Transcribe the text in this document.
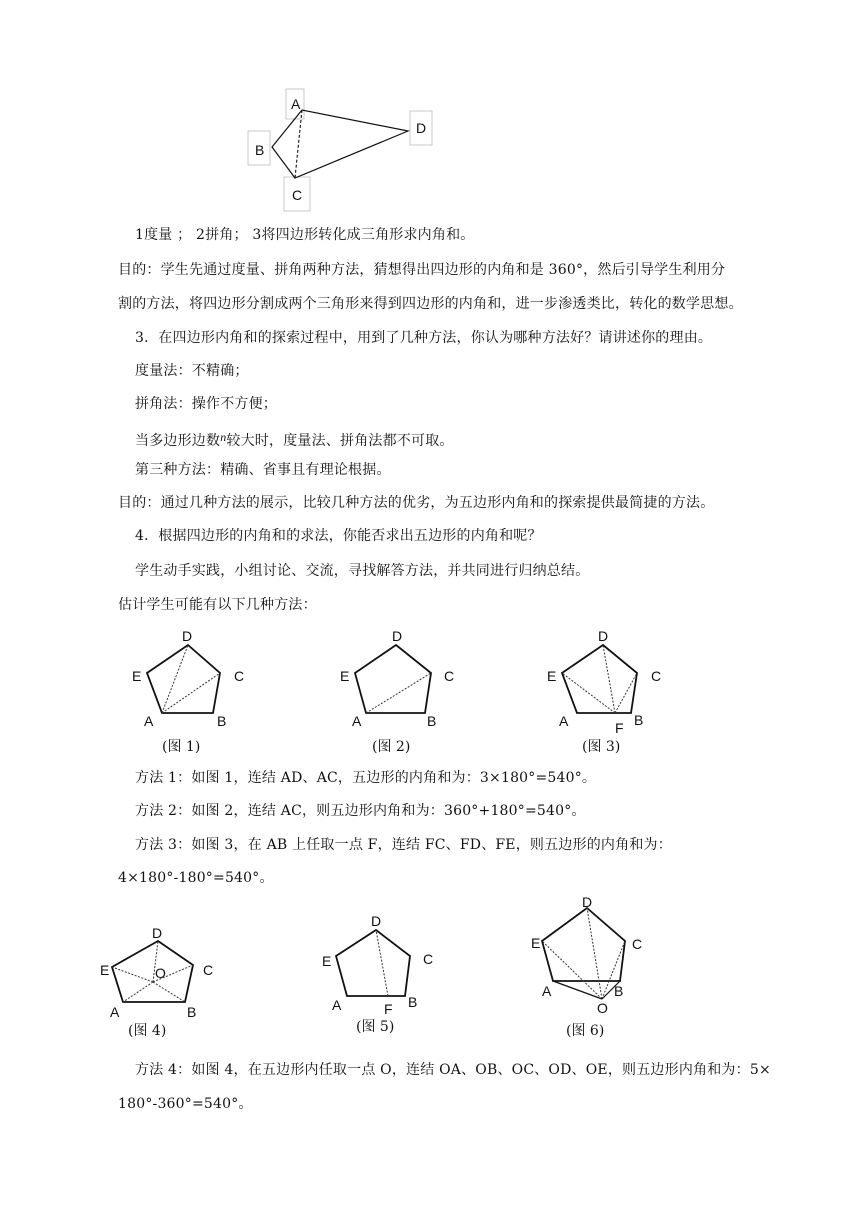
A
B
C
D
1度量 ； 2拼角； 3将四边形转化成三角形求内角和。
目的：学生先通过度量、拼角两种方法，猜想得出四边形的内角和是 360°，然后引导学生利用分
割的方法，将四边形分割成两个三角形来得到四边形的内角和，进一步渗透类比，转化的数学思想。
3．在四边形内角和的探索过程中，用到了几种方法，你认为哪种方法好？请讲述你的理由。
度量法：不精确；
拼角法：操作不方便；
当多边形边数n较大时，度量法、拼角法都不可取。
第三种方法：精确、省事且有理论根据。
目的：通过几种方法的展示，比较几种方法的优劣，为五边形内角和的探索提供最简捷的方法。
4．根据四边形的内角和的求法，你能否求出五边形的内角和呢？
学生动手实践，小组讨论、交流，寻找解答方法，并共同进行归纳总结。
估计学生可能有以下几种方法：
D
C
B
A
E
(图 1)
D
C
B
A
E
(图 2)
D
C
B
A
E
F
(图 3)
方法 1：如图 1，连结 AD、AC，五边形的内角和为：3×180°=540°。
方法 2：如图 2，连结 AC，则五边形内角和为：360°+180°=540°。
方法 3：如图 3，在 AB 上任取一点 F，连结 FC、FD、FE，则五边形的内角和为：
4×180°-180°=540°。
D
C
B
A
E	O
(图 4)
D
C
B
A
E
F
(图 5)
D
C
B
A
E
O
(图 6)
方法 4：如图 4，在五边形内任取一点 O，连结 OA、OB、OC、OD、OE，则五边形内角和为：5×
180°-360°=540°。
